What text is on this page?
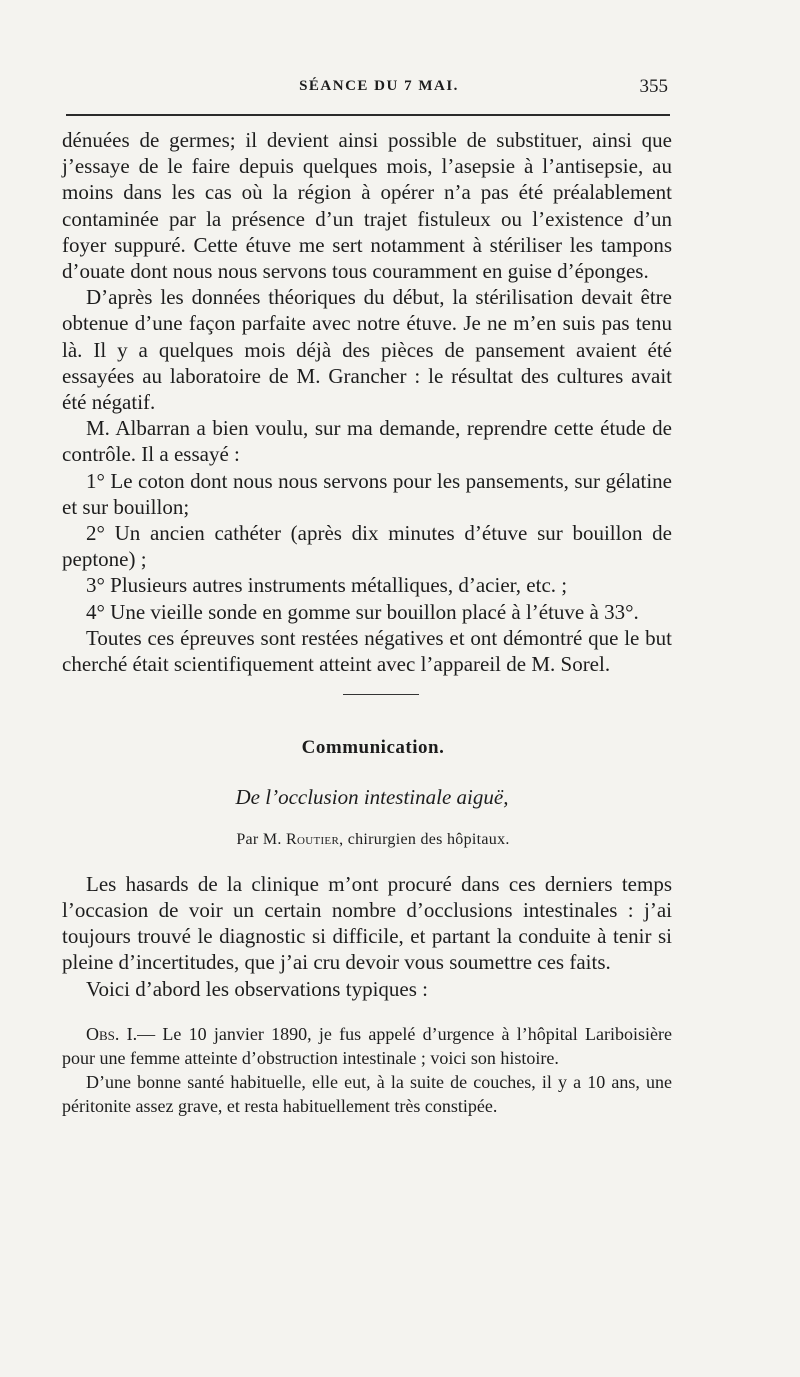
SÉANCE DU 7 MAI.	355

dénuées de germes; il devient ainsi possible de substituer, ainsi que j’essaye de le faire depuis quelques mois, l’asepsie à l’antisepsie, au moins dans les cas où la région à opérer n’a pas été préalablement contaminée par la présence d’un trajet fistuleux ou l’existence d’un foyer suppuré. Cette étuve me sert notamment à stériliser les tampons d’ouate dont nous nous servons tous couramment en guise d’éponges.

D’après les données théoriques du début, la stérilisation devait être obtenue d’une façon parfaite avec notre étuve. Je ne m’en suis pas tenu là. Il y a quelques mois déjà des pièces de pansement avaient été essayées au laboratoire de M. Grancher : le résultat des cultures avait été négatif.

M. Albarran a bien voulu, sur ma demande, reprendre cette étude de contrôle. Il a essayé :

1° Le coton dont nous nous servons pour les pansements, sur gélatine et sur bouillon;

2° Un ancien cathéter (après dix minutes d’étuve sur bouillon de peptone) ;

3° Plusieurs autres instruments métalliques, d’acier, etc. ;

4° Une vieille sonde en gomme sur bouillon placé à l’étuve à 33°.

Toutes ces épreuves sont restées négatives et ont démontré que le but cherché était scientifiquement atteint avec l’appareil de M. Sorel.

Communication.
De l’occlusion intestinale aiguë,
Par M. Routier, chirurgien des hôpitaux.

Les hasards de la clinique m’ont procuré dans ces derniers temps l’occasion de voir un certain nombre d’occlusions intestinales : j’ai toujours trouvé le diagnostic si difficile, et partant la conduite à tenir si pleine d’incertitudes, que j’ai cru devoir vous soumettre ces faits.

Voici d’abord les observations typiques :

Obs. I.— Le 10 janvier 1890, je fus appelé d’urgence à l’hôpital Lariboisière pour une femme atteinte d’obstruction intestinale ; voici son histoire.

D’une bonne santé habituelle, elle eut, à la suite de couches, il y a 10 ans, une péritonite assez grave, et resta habituellement très constipée.
